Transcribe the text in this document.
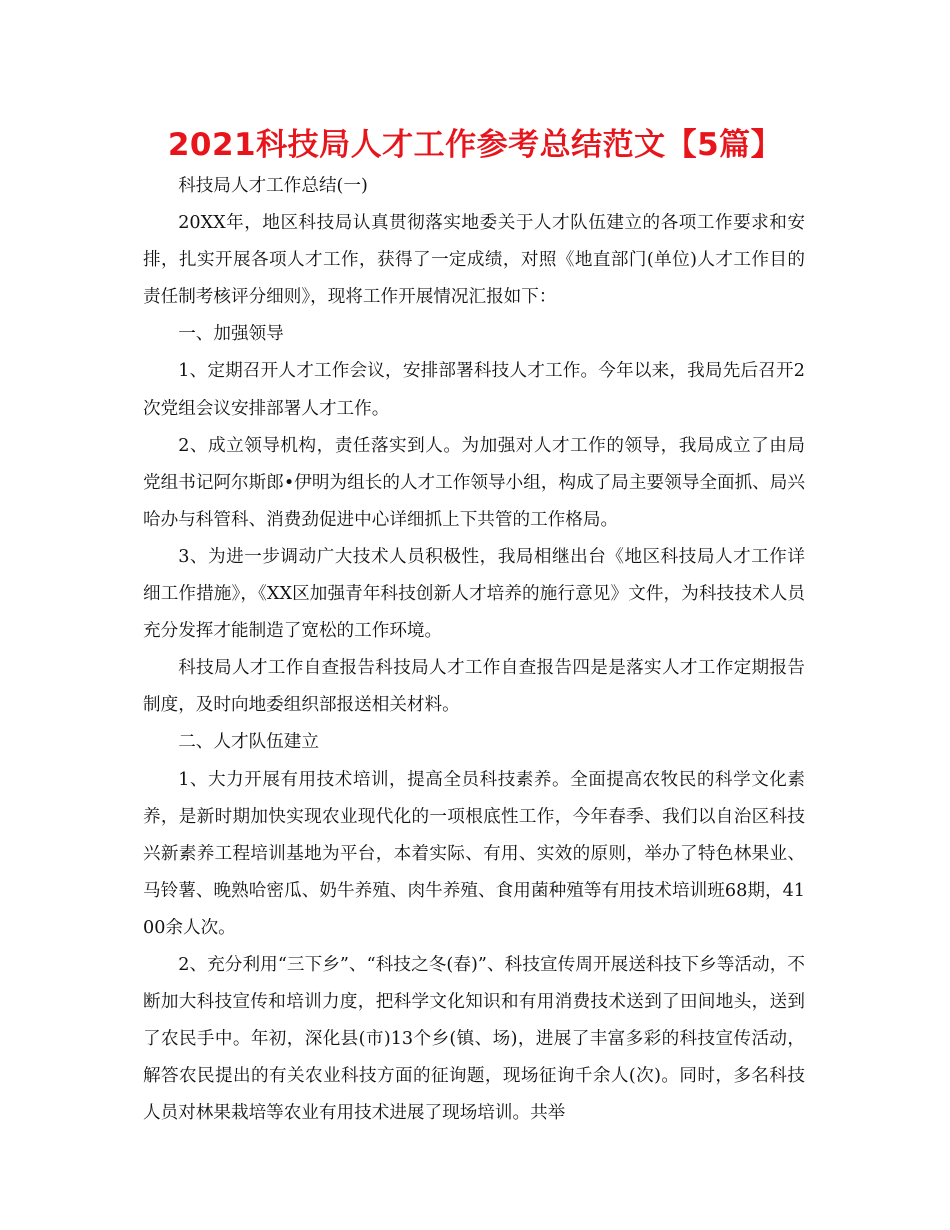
2021科技局人才工作参考总结范文【5篇】

科技局人才工作总结(一)

20XX年，地区科技局认真贯彻落实地委关于人才队伍建立的各项工作要求和安排，扎实开展各项人才工作，获得了一定成绩，对照《地直部门(单位)人才工作目的责任制考核评分细则》，现将工作开展情况汇报如下：

一、加强领导

1、定期召开人才工作会议，安排部署科技人才工作。今年以来，我局先后召开2次党组会议安排部署人才工作。

2、成立领导机构，责任落实到人。为加强对人才工作的领导，我局成立了由局党组书记阿尔斯郎•伊明为组长的人才工作领导小组，构成了局主要领导全面抓、局兴哈办与科管科、消费劲促进中心详细抓上下共管的工作格局。

3、为进一步调动广大技术人员积极性，我局相继出台《地区科技局人才工作详细工作措施》，《XX区加强青年科技创新人才培养的施行意见》文件，为科技技术人员充分发挥才能制造了宽松的工作环境。

科技局人才工作自查报告科技局人才工作自查报告四是是落实人才工作定期报告制度，及时向地委组织部报送相关材料。

二、人才队伍建立

1、大力开展有用技术培训，提高全员科技素养。全面提高农牧民的科学文化素养，是新时期加快实现农业现代化的一项根底性工作，今年春季、我们以自治区科技兴新素养工程培训基地为平台，本着实际、有用、实效的原则，举办了特色林果业、马铃薯、晚熟哈密瓜、奶牛养殖、肉牛养殖、食用菌种殖等有用技术培训班68期，4100余人次。

2、充分利用“三下乡”、“科技之冬(春)”、科技宣传周开展送科技下乡等活动，不断加大科技宣传和培训力度，把科学文化知识和有用消费技术送到了田间地头，送到了农民手中。年初，深化县(市)13个乡(镇、场)，进展了丰富多彩的科技宣传活动，解答农民提出的有关农业科技方面的征询题，现场征询千余人(次)。同时，多名科技人员对林果栽培等农业有用技术进展了现场培训。共举
